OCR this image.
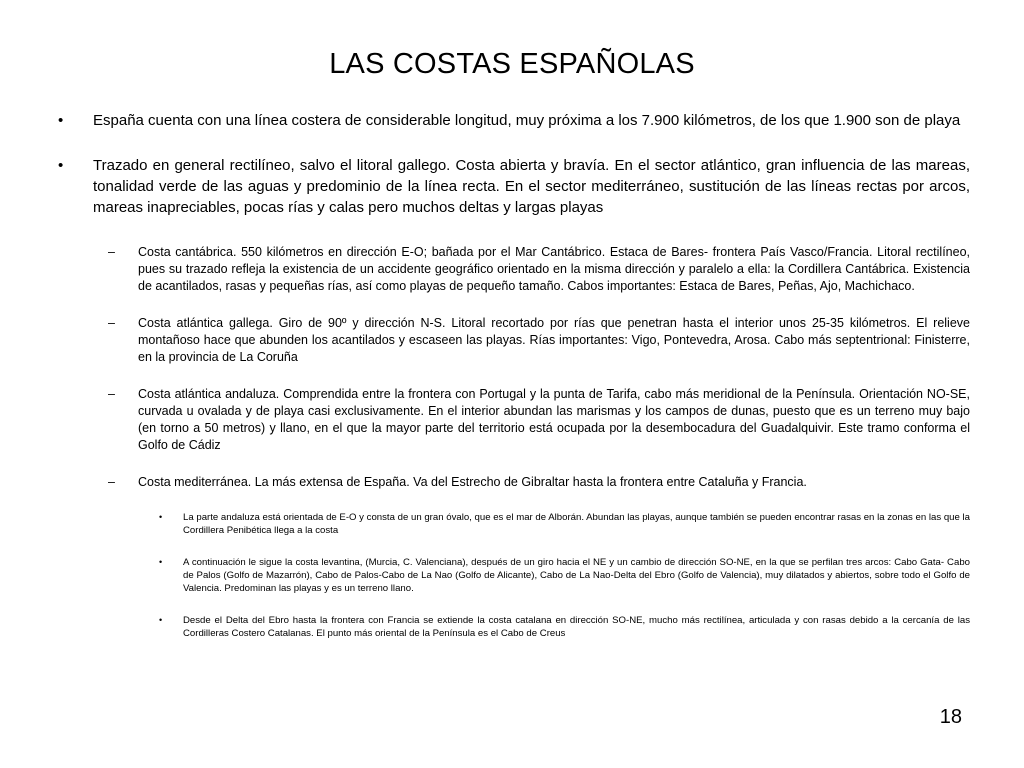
LAS COSTAS ESPAÑOLAS
• España cuenta con una línea costera de considerable longitud, muy próxima a los 7.900 kilómetros, de los que 1.900 son de playa
• Trazado en general rectilíneo, salvo el litoral gallego. Costa abierta y bravía. En el sector atlántico, gran influencia de las mareas, tonalidad verde de las aguas y predominio de la línea recta. En el sector mediterráneo, sustitución de las líneas rectas por arcos, mareas inapreciables, pocas rías y calas pero muchos deltas y largas playas
– Costa cantábrica. 550 kilómetros en dirección E-O; bañada por el Mar Cantábrico. Estaca de Bares- frontera País Vasco/Francia. Litoral rectilíneo, pues su trazado refleja la existencia de un accidente geográfico orientado en la misma dirección y paralelo a ella: la Cordillera Cantábrica. Existencia de acantilados, rasas y pequeñas rías, así como playas de pequeño tamaño. Cabos importantes: Estaca de Bares, Peñas, Ajo, Machichaco.
– Costa atlántica gallega. Giro de 90º y dirección N-S. Litoral recortado por rías que penetran hasta el interior unos 25-35 kilómetros. El relieve montañoso hace que abunden los acantilados y escaseen las playas. Rías importantes: Vigo, Pontevedra, Arosa. Cabo más septentrional: Finisterre, en la provincia de La Coruña
– Costa atlántica andaluza. Comprendida entre la frontera con Portugal y la punta de Tarifa, cabo más meridional de la Península. Orientación NO-SE, curvada u ovalada y de playa casi exclusivamente. En el interior abundan las marismas y los campos de dunas, puesto que es un terreno muy bajo (en torno a 50 metros) y llano, en el que la mayor parte del territorio está ocupada por la desembocadura del Guadalquivir. Este tramo conforma el Golfo de Cádiz
– Costa mediterránea. La más extensa de España. Va del Estrecho de Gibraltar hasta la frontera entre Cataluña y Francia.
• La parte andaluza está orientada de E-O y consta de un gran óvalo, que es el mar de Alborán. Abundan las playas, aunque también se pueden encontrar rasas en la zonas en las que la Cordillera Penibética llega a la costa
• A continuación le sigue la costa levantina, (Murcia, C. Valenciana), después de un giro hacia el NE y un cambio de dirección SO-NE, en la que se perfilan tres arcos: Cabo Gata- Cabo de Palos (Golfo de Mazarrón), Cabo de Palos-Cabo de La Nao (Golfo de Alicante), Cabo de La Nao-Delta del Ebro (Golfo de Valencia), muy dilatados y abiertos, sobre todo el Golfo de Valencia. Predominan las playas y es un terreno llano.
• Desde el Delta del Ebro hasta la frontera con Francia se extiende la costa catalana en dirección SO-NE, mucho más rectilínea, articulada y con rasas debido a la cercanía de las Cordilleras Costero Catalanas. El punto más oriental de la Península es el Cabo de Creus
18
